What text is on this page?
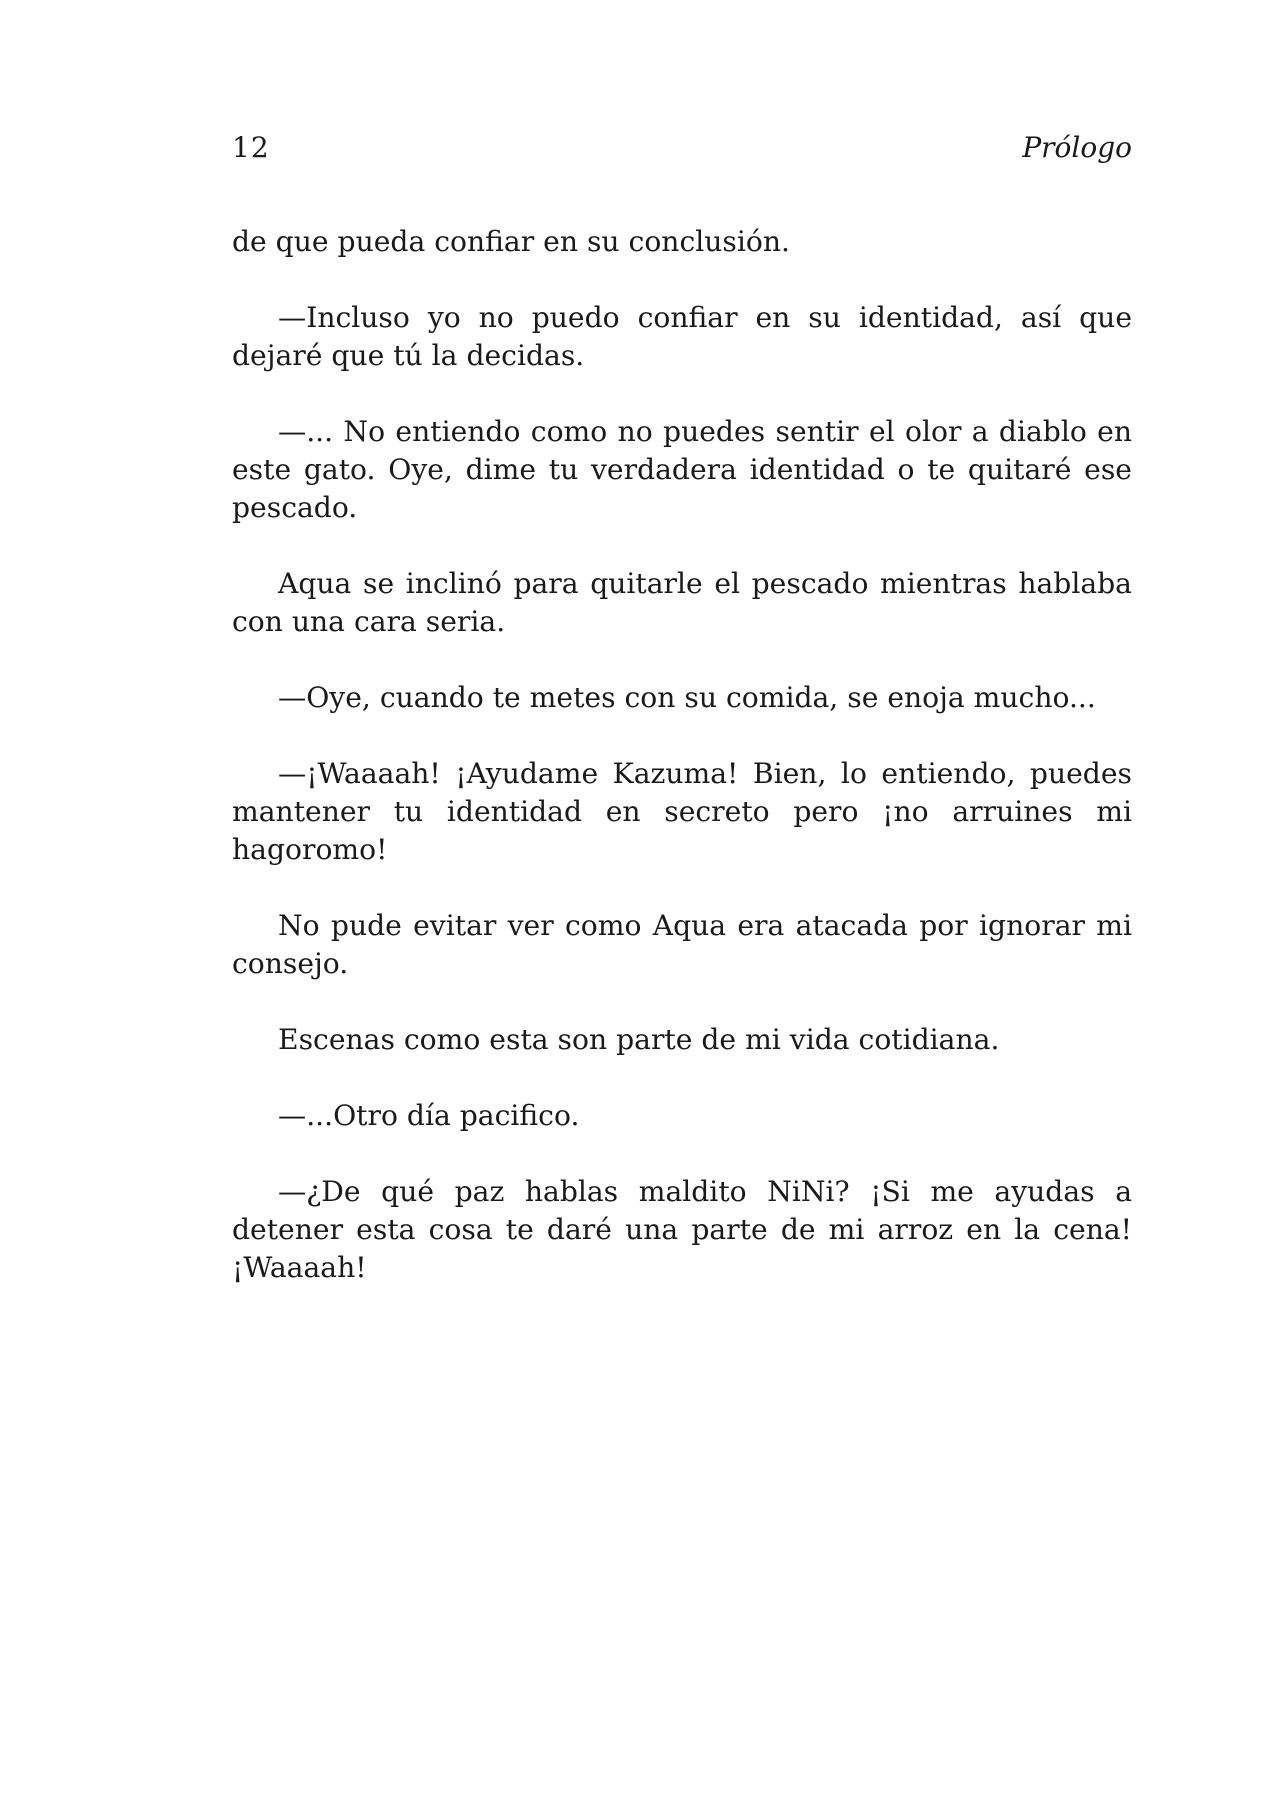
12	Prólogo

de que pueda confiar en su conclusión.

—Incluso yo no puedo confiar en su identidad, así que dejaré que tú la decidas.

—... No entiendo como no puedes sentir el olor a diablo en este gato. Oye, dime tu verdadera identidad o te quitaré ese pescado.

Aqua se inclinó para quitarle el pescado mientras hablaba con una cara seria.

—Oye, cuando te metes con su comida, se enoja mucho...

—¡Waaaah! ¡Ayudame Kazuma! Bien, lo entiendo, puedes mantener tu identidad en secreto pero ¡no arruines mi hagoromo!

No pude evitar ver como Aqua era atacada por ignorar mi consejo.

Escenas como esta son parte de mi vida cotidiana.

—...Otro día pacifico.

—¿De qué paz hablas maldito NiNi? ¡Si me ayudas a detener esta cosa te daré una parte de mi arroz en la cena!¡Waaaah!
